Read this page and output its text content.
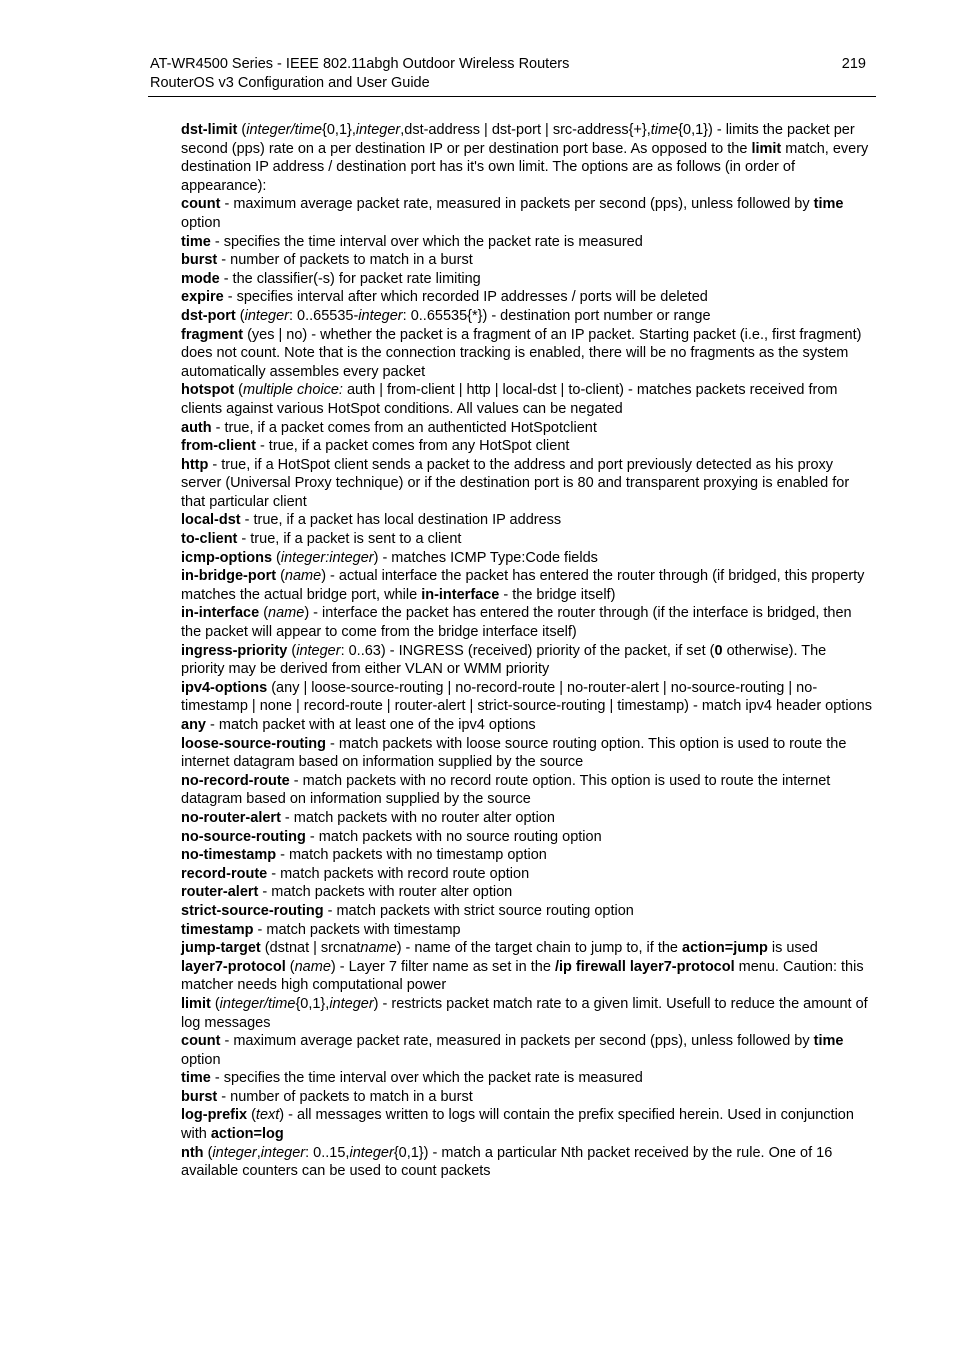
AT-WR4500 Series - IEEE 802.11abgh Outdoor Wireless Routers	219
RouterOS v3 Configuration and User Guide

dst-limit (integer/time{0,1},integer,dst-address | dst-port | src-address{+},time{0,1}) - limits the packet per second (pps) rate on a per destination IP or per destination port base. As opposed to the limit match, every destination IP address / destination port has it's own limit. The options are as follows (in order of appearance):

count - maximum average packet rate, measured in packets per second (pps), unless followed by time option

time - specifies the time interval over which the packet rate is measured

burst - number of packets to match in a burst

mode - the classifier(-s) for packet rate limiting

expire - specifies interval after which recorded IP addresses / ports will be deleted

dst-port (integer: 0..65535-integer: 0..65535{*}) - destination port number or range

fragment (yes | no) - whether the packet is a fragment of an IP packet. Starting packet (i.e., first fragment) does not count. Note that is the connection tracking is enabled, there will be no fragments as the system automatically assembles every packet

hotspot (multiple choice: auth | from-client | http | local-dst | to-client) - matches packets received from clients against various HotSpot conditions. All values can be negated

auth - true, if a packet comes from an authenticted HotSpotclient

from-client - true, if a packet comes from any HotSpot client

http - true, if a HotSpot client sends a packet to the address and port previously detected as his proxy server (Universal Proxy technique) or if the destination port is 80 and transparent proxying is enabled for that particular client

local-dst - true, if a packet has local destination IP address

to-client - true, if a packet is sent to a client

icmp-options (integer:integer) - matches ICMP Type:Code fields

in-bridge-port (name) - actual interface the packet has entered the router through (if bridged, this property matches the actual bridge port, while in-interface - the bridge itself)

in-interface (name) - interface the packet has entered the router through (if the interface is bridged, then the packet will appear to come from the bridge interface itself)

ingress-priority (integer: 0..63) - INGRESS (received) priority of the packet, if set (0 otherwise). The priority may be derived from either VLAN or WMM priority

ipv4-options (any | loose-source-routing | no-record-route | no-router-alert | no-source-routing | no-timestamp | none | record-route | router-alert | strict-source-routing | timestamp) - match ipv4 header options

any - match packet with at least one of the ipv4 options

loose-source-routing - match packets with loose source routing option. This option is used to route the internet datagram based on information supplied by the source

no-record-route - match packets with no record route option. This option is used to route the internet datagram based on information supplied by the source

no-router-alert - match packets with no router alter option

no-source-routing - match packets with no source routing option

no-timestamp - match packets with no timestamp option

record-route - match packets with record route option

router-alert - match packets with router alter option

strict-source-routing - match packets with strict source routing option

timestamp - match packets with timestamp

jump-target (dstnat | srcnatname) - name of the target chain to jump to, if the action=jump is used

layer7-protocol (name) - Layer 7 filter name as set in the /ip firewall layer7-protocol menu. Caution: this matcher needs high computational power

limit (integer/time{0,1},integer) - restricts packet match rate to a given limit. Usefull to reduce the amount of log messages

count - maximum average packet rate, measured in packets per second (pps), unless followed by time option

time - specifies the time interval over which the packet rate is measured

burst - number of packets to match in a burst

log-prefix (text) - all messages written to logs will contain the prefix specified herein. Used in conjunction with action=log

nth (integer,integer: 0..15,integer{0,1}) - match a particular Nth packet received by the rule. One of 16 available counters can be used to count packets
